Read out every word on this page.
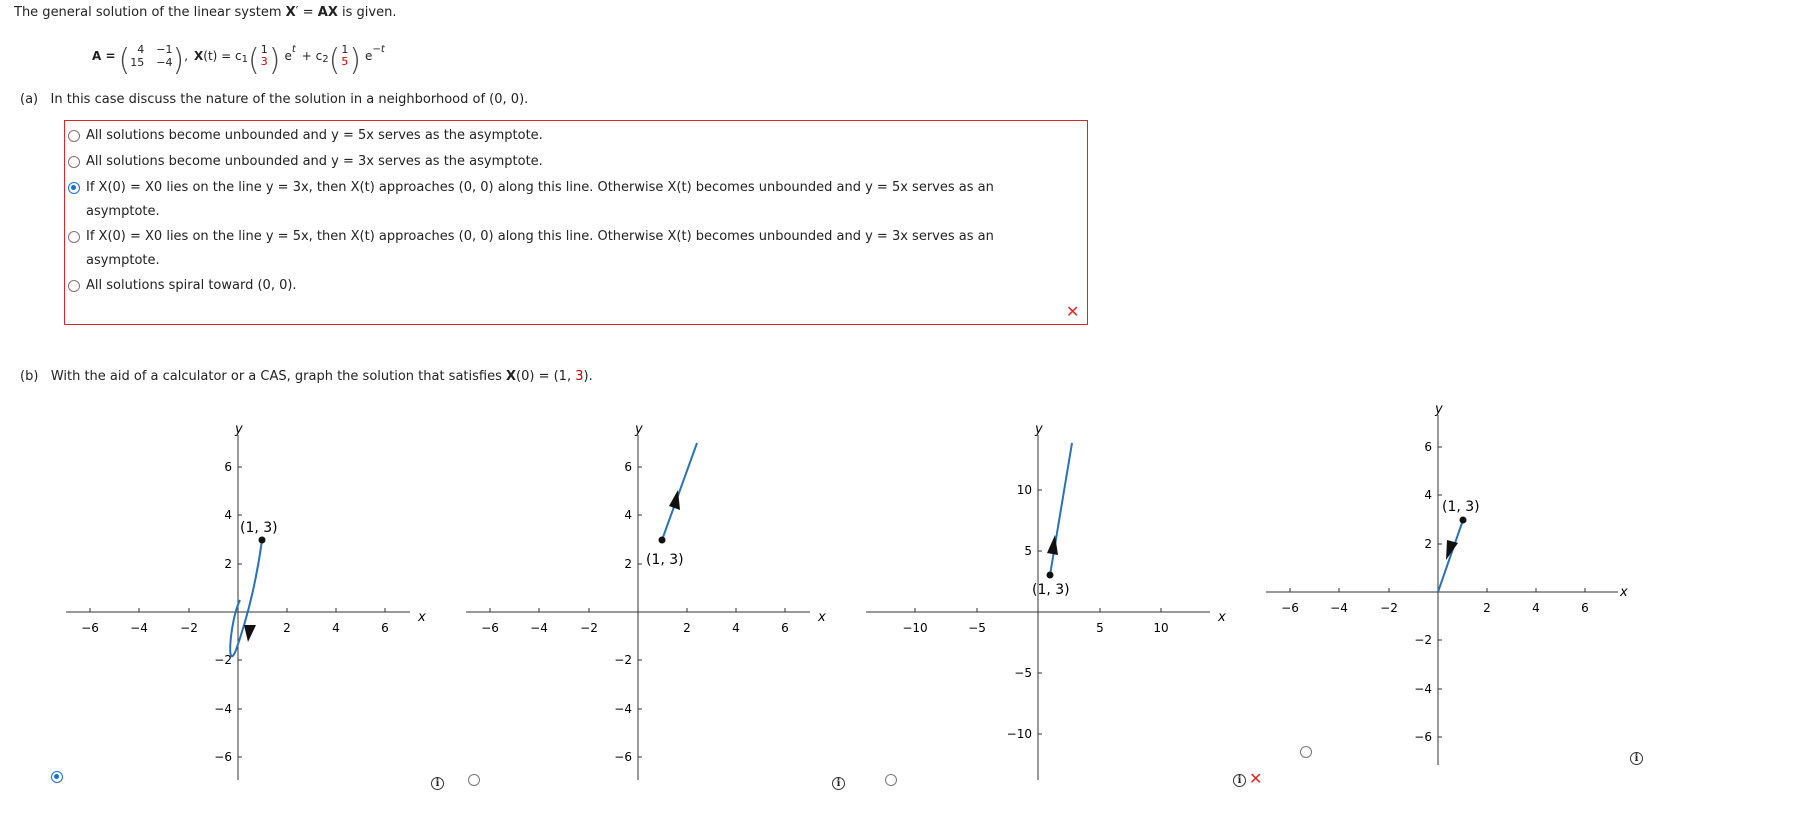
The general solution of the linear system X′ = AX is given.
A = ( 4 −1
15 −4 ) , X (t) = c 1 ( 1
3 ) e t + c 2 ( 1
5 ) e −t
(a) In this case discuss the nature of the solution in a neighborhood of (0, 0).
All solutions become unbounded and y = 5x serves as the asymptote.
All solutions become unbounded and y = 3x serves as the asymptote.
If X(0) = X0 lies on the line y = 3x, then X(t) approaches (0, 0) along this line. Otherwise X(t) becomes unbounded and y = 5x serves as an asymptote.
If X(0) = X0 lies on the line y = 5x, then X(t) approaches (0, 0) along this line. Otherwise X(t) becomes unbounded and y = 3x serves as an asymptote.
All solutions spiral toward (0, 0).
✕
(b) With the aid of a calculator or a CAS, graph the solution that satisfies X(0) = (1, 3).
−6	−4	−2	2	4	6
x
y
6
4
2
−2
−4
−6
(1, 3)

−6	−4	−2	2	4	6
x
y
6
4
2
−2
−4
−6
(1, 3)
i

−10	−5	5	10
x
y
10
5
−5
−10
(1, 3)
i

−6	−4	−2	2	4	6
x
y
6
4
2
−2
−4
−6
(1, 3)
i ✕
i
